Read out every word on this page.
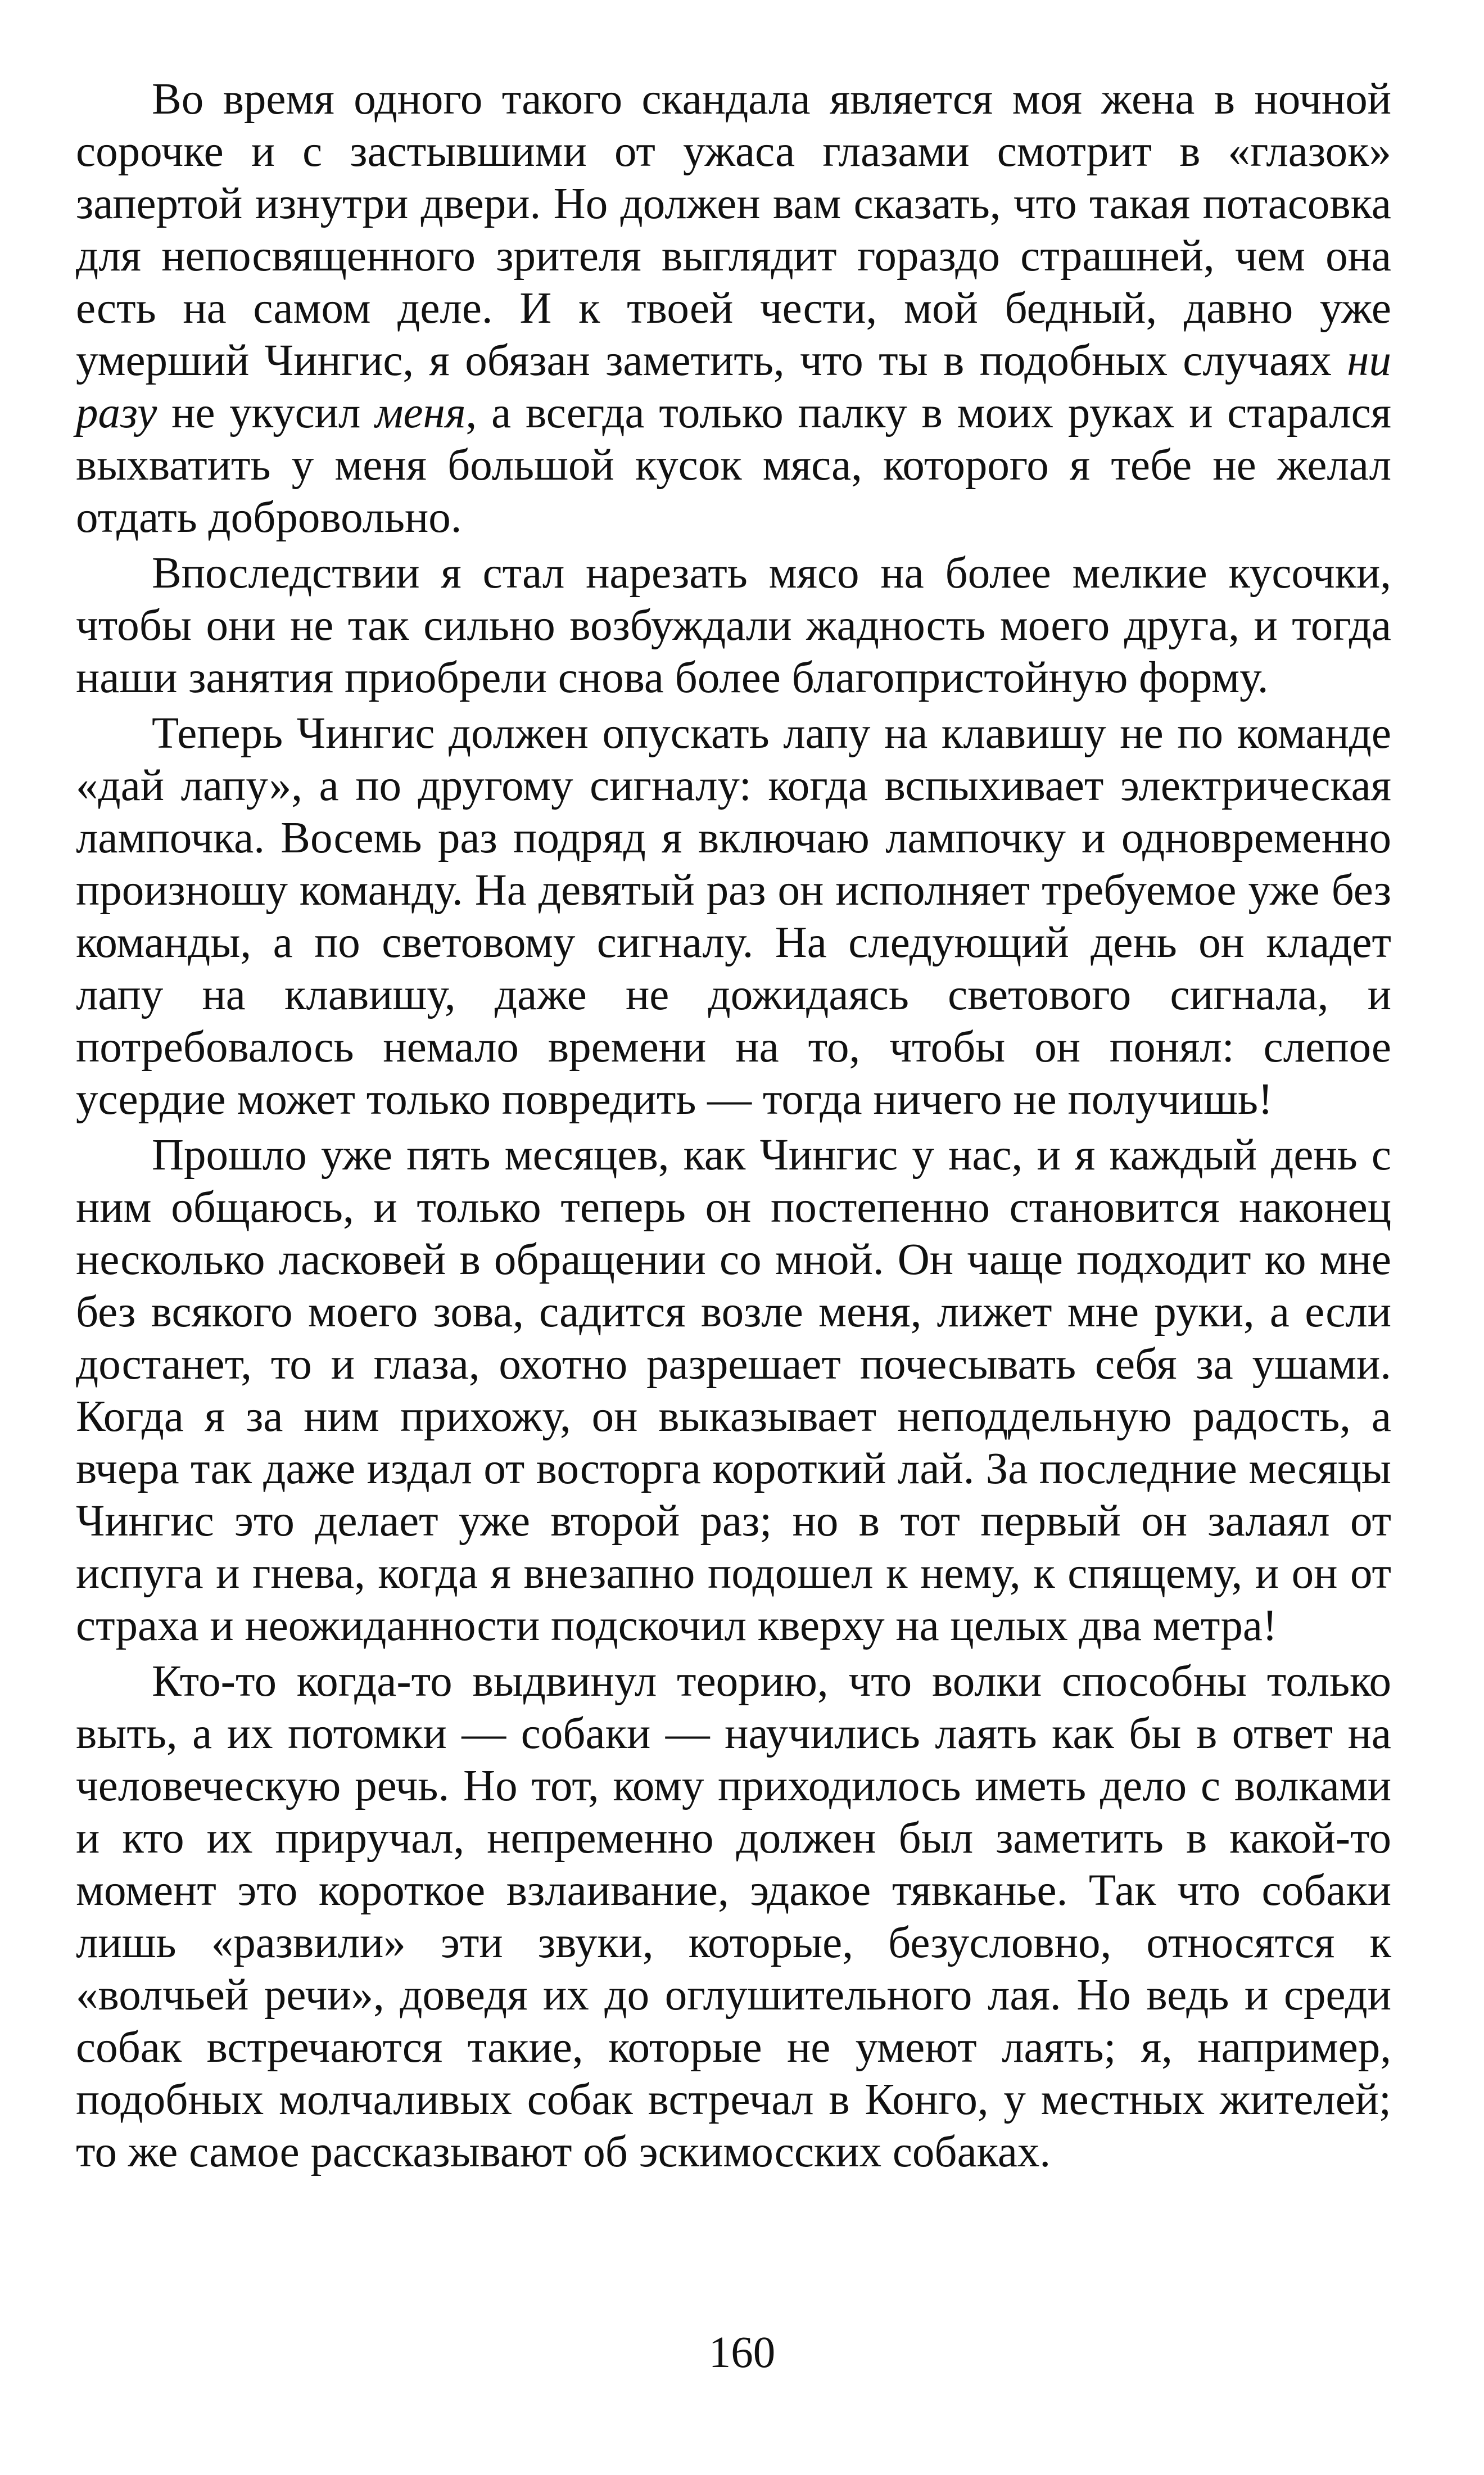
Во время одного такого скандала является моя жена в ночной сорочке и с застывшими от ужаса глазами смотрит в «глазок» запертой изнутри двери. Но должен вам сказать, что такая потасовка для непосвященного зрителя выглядит гораздо страшней, чем она есть на самом деле. И к твоей чести, мой бедный, давно уже умерший Чингис, я обязан заметить, что ты в подобных случаях ни разу не укусил меня, а всегда только палку в моих руках и старался выхватить у меня большой кусок мяса, которого я тебе не желал отдать добровольно.

Впоследствии я стал нарезать мясо на более мелкие кусочки, чтобы они не так сильно возбуждали жадность моего друга, и тогда наши занятия приобрели снова более благопристойную форму.

Теперь Чингис должен опускать лапу на клавишу не по команде «дай лапу», а по другому сигналу: когда вспыхивает электрическая лампочка. Восемь раз подряд я включаю лампочку и одновременно произношу команду. На девятый раз он исполняет требуемое уже без команды, а по световому сигналу. На следующий день он кладет лапу на клавишу, даже не дожидаясь светового сигнала, и потребовалось немало времени на то, чтобы он понял: слепое усердие может только повредить — тогда ничего не получишь!

Прошло уже пять месяцев, как Чингис у нас, и я каждый день с ним общаюсь, и только теперь он постепенно становится наконец несколько ласковей в обращении со мной. Он чаще подходит ко мне без всякого моего зова, садится возле меня, лижет мне руки, а если достанет, то и глаза, охотно разрешает почесывать себя за ушами. Когда я за ним прихожу, он выказывает неподдельную радость, а вчера так даже издал от восторга короткий лай. За последние месяцы Чингис это делает уже второй раз; но в тот первый он залаял от испуга и гнева, когда я внезапно подошел к нему, к спящему, и он от страха и неожиданности подскочил кверху на целых два метра!

Кто-то когда-то выдвинул теорию, что волки способны только выть, а их потомки — собаки — научились лаять как бы в ответ на человеческую речь. Но тот, кому приходилось иметь дело с волками и кто их приручал, непременно должен был заметить в какой-то момент это короткое взлаивание, эдакое тявканье. Так что собаки лишь «развили» эти звуки, которые, безусловно, относятся к «волчьей речи», доведя их до оглушительного лая. Но ведь и среди собак встречаются такие, которые не умеют лаять; я, например, подобных молчаливых собак встречал в Конго, у местных жителей; то же самое рассказывают об эскимосских собаках.

160
